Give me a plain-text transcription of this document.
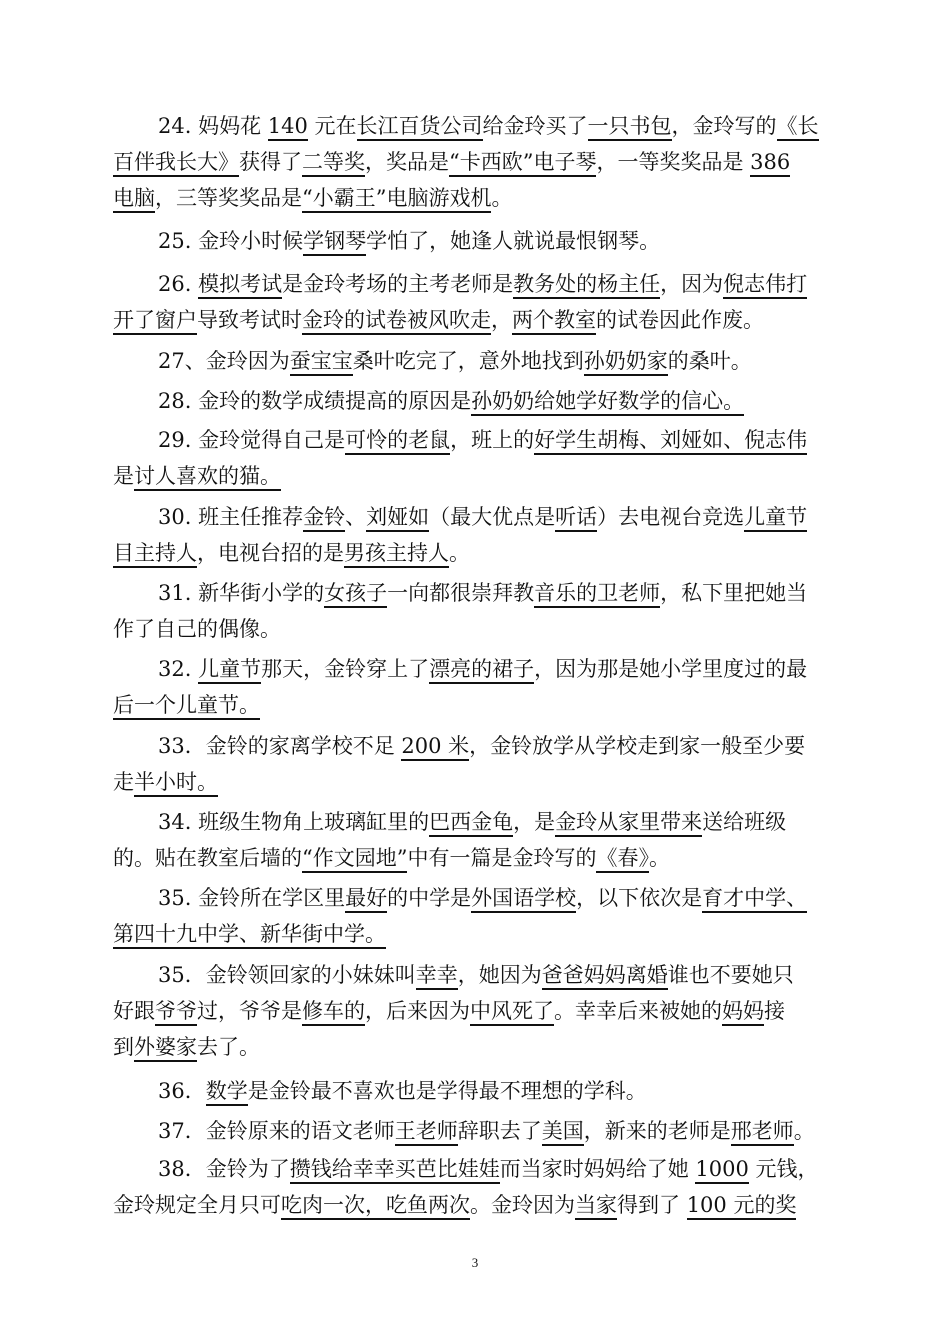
24. 妈妈花 140 元在长江百货公司给金玲买了一只书包，金玲写的《长
百伴我长大》获得了二等奖，奖品是“卡西欧”电子琴，一等奖奖品是 386
电脑，三等奖奖品是“小霸王”电脑游戏机。
25. 金玲小时候学钢琴学怕了，她逢人就说最恨钢琴。
26. 模拟考试是金玲考场的主考老师是教务处的杨主任，因为倪志伟打
开了窗户导致考试时金玲的试卷被风吹走，两个教室的试卷因此作废。
27、金玲因为蚕宝宝桑叶吃完了，意外地找到孙奶奶家的桑叶。
28. 金玲的数学成绩提高的原因是孙奶奶给她学好数学的信心。
29. 金玲觉得自己是可怜的老鼠，班上的好学生胡梅、刘娅如、倪志伟
是讨人喜欢的猫。
30. 班主任推荐金铃、刘娅如（最大优点是听话）去电视台竞选儿童节
目主持人，电视台招的是男孩主持人。
31. 新华街小学的女孩子一向都很崇拜教音乐的卫老师，私下里把她当
作了自己的偶像。
32. 儿童节那天，金铃穿上了漂亮的裙子，因为那是她小学里度过的最
后一个儿童节。
33．金铃的家离学校不足 200 米，金铃放学从学校走到家一般至少要
走半小时。
34. 班级生物角上玻璃缸里的巴西金龟，是金玲从家里带来送给班级
的。贴在教室后墙的“作文园地”中有一篇是金玲写的《春》。
35. 金铃所在学区里最好的中学是外国语学校，以下依次是育才中学、
第四十九中学、新华街中学。
35．金铃领回家的小妹妹叫幸幸，她因为爸爸妈妈离婚谁也不要她只
好跟爷爷过，爷爷是修车的，后来因为中风死了。幸幸后来被她的妈妈接
到外婆家去了。
36．数学是金铃最不喜欢也是学得最不理想的学科。
37．金铃原来的语文老师王老师辞职去了美国，新来的老师是邢老师。
38．金铃为了攒钱给幸幸买芭比娃娃而当家时妈妈给了她 1000 元钱，
金玲规定全月只可吃肉一次，吃鱼两次。金玲因为当家得到了 100 元的奖
3
